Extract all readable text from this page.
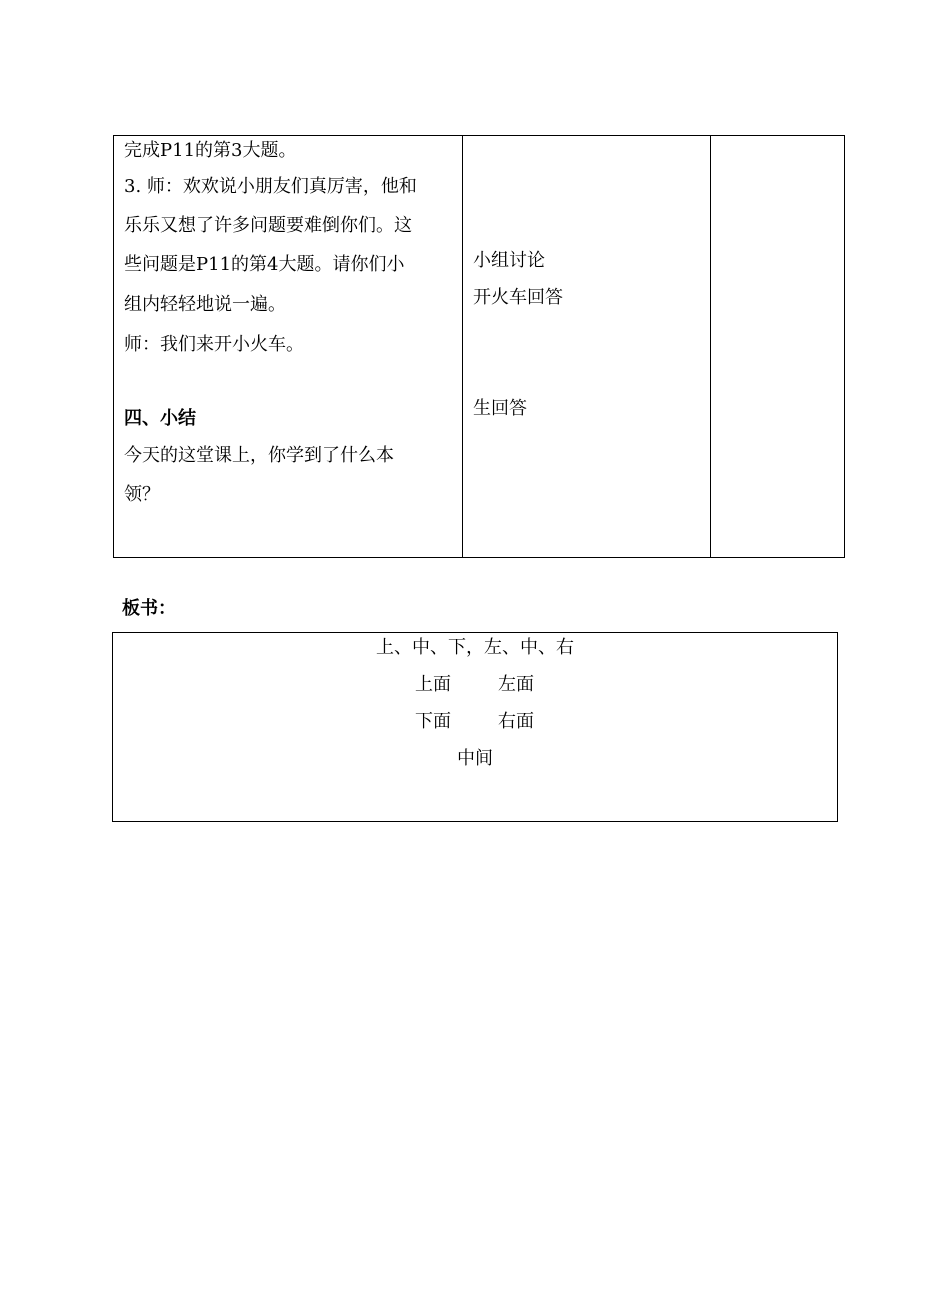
完成P11的第3大题。
3. 师：欢欢说小朋友们真厉害，他和
乐乐又想了许多问题要难倒你们。这
些问题是P11的第4大题。请你们小
组内轻轻地说一遍。
师：我们来开小火车。
四、小结
今天的这堂课上，你学到了什么本
领？
小组讨论
开火车回答
生回答
板书：
上、中、下，左、中、右
上面	左面
下面	右面
中间
